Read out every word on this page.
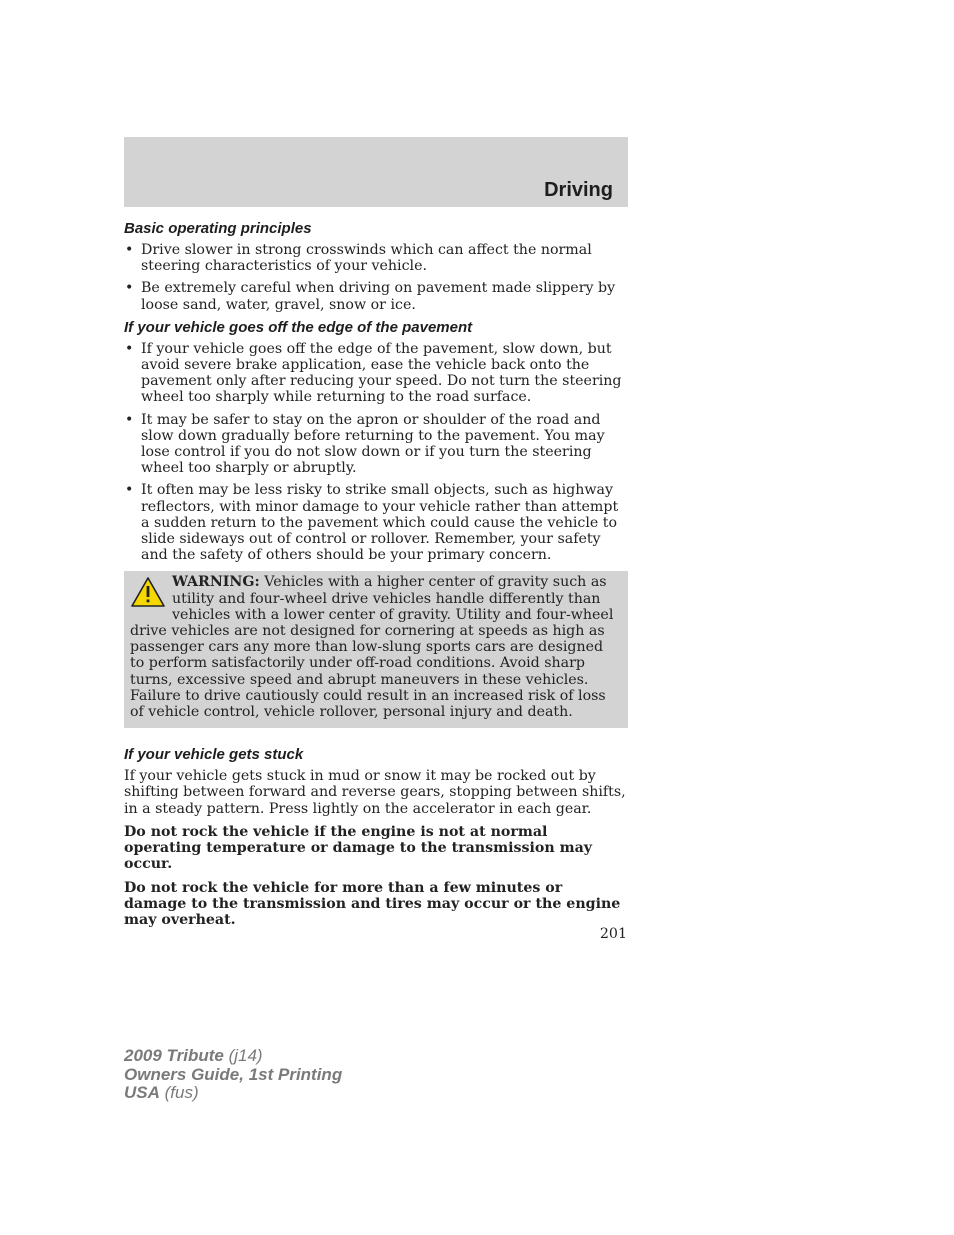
Driving
Basic operating principles
• Drive slower in strong crosswinds which can affect the normal steering characteristics of your vehicle.
• Be extremely careful when driving on pavement made slippery by loose sand, water, gravel, snow or ice.
If your vehicle goes off the edge of the pavement
• If your vehicle goes off the edge of the pavement, slow down, but avoid severe brake application, ease the vehicle back onto the pavement only after reducing your speed. Do not turn the steering wheel too sharply while returning to the road surface.
• It may be safer to stay on the apron or shoulder of the road and slow down gradually before returning to the pavement. You may lose control if you do not slow down or if you turn the steering wheel too sharply or abruptly.
• It often may be less risky to strike small objects, such as highway reflectors, with minor damage to your vehicle rather than attempt a sudden return to the pavement which could cause the vehicle to slide sideways out of control or rollover. Remember, your safety and the safety of others should be your primary concern.
WARNING: Vehicles with a higher center of gravity such as utility and four-wheel drive vehicles handle differently than vehicles with a lower center of gravity. Utility and four-wheel drive vehicles are not designed for cornering at speeds as high as passenger cars any more than low-slung sports cars are designed to perform satisfactorily under off-road conditions. Avoid sharp turns, excessive speed and abrupt maneuvers in these vehicles. Failure to drive cautiously could result in an increased risk of loss of vehicle control, vehicle rollover, personal injury and death.
If your vehicle gets stuck

If your vehicle gets stuck in mud or snow it may be rocked out by shifting between forward and reverse gears, stopping between shifts, in a steady pattern. Press lightly on the accelerator in each gear.

Do not rock the vehicle if the engine is not at normal operating temperature or damage to the transmission may occur.

Do not rock the vehicle for more than a few minutes or damage to the transmission and tires may occur or the engine may overheat.

201
2009 Tribute (j14)
Owners Guide, 1st Printing
USA (fus)
